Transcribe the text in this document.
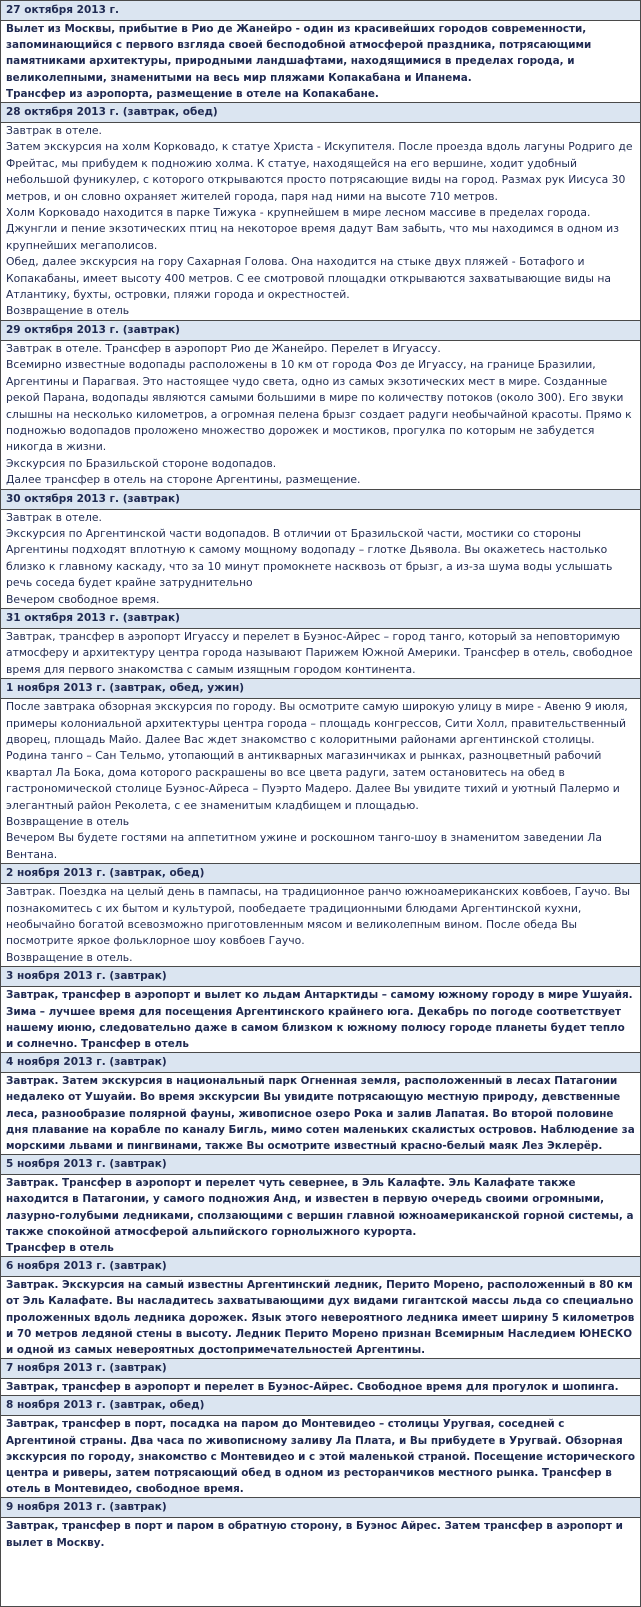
27 октября 2013 г.
Вылет из Москвы, прибытие в Рио де Жанейро - один из красивейших городов современности, запоминающийся с первого взгляда своей бесподобной атмосферой праздника, потрясающими памятниками архитектуры, природными ландшафтами, находящимися в пределах города, и великолепными, знаменитыми на весь мир пляжами Копакабана и Ипанема.
Трансфер из аэропорта, размещение в отеле на Копакабане.
28 октября 2013 г. (завтрак, обед)
Завтрак в отеле.
Затем экскурсия на холм Корковадо, к статуе Христа - Искупителя. После проезда вдоль лагуны Родриго де Фрейтас, мы прибудем к подножию холма. К статуе, находящейся на его вершине, ходит удобный небольшой фуникулер, с которого открываются просто потрясающие виды на город. Размах рук Иисуса 30 метров, и он словно охраняет жителей города, паря над ними на высоте 710 метров.
Холм Корковадо находится в парке Тижука - крупнейшем в мире лесном массиве в пределах города. Джунгли и пение экзотических птиц на некоторое время дадут Вам забыть, что мы находимся в одном из крупнейших мегаполисов.
Обед, далее экскурсия на гору Сахарная Голова. Она находится на стыке двух пляжей - Ботафого и Копакабаны, имеет высоту 400 метров. С ее смотровой площадки открываются захватывающие виды на Атлантику, бухты, островки, пляжи города и окрестностей.
Возвращение в отель
29 октября 2013 г. (завтрак)
Завтрак в отеле. Трансфер в аэропорт Рио де Жанейро. Перелет в Игуассу.
Всемирно известные водопады расположены в 10 км от города Фоз де Игуассу, на границе Бразилии, Аргентины и Парагвая. Это настоящее чудо света, одно из самых экзотических мест в мире. Созданные рекой Парана, водопады являются самыми большими в мире по количеству потоков (около 300). Его звуки слышны на несколько километров, а огромная пелена брызг создает радуги необычайной красоты. Прямо к подножью водопадов проложено множество дорожек и мостиков, прогулка по которым не забудется никогда в жизни.
Экскурсия по Бразильской стороне водопадов.
Далее трансфер в отель на стороне Аргентины, размещение.
30 октября 2013 г. (завтрак)
Завтрак в отеле.
Экскурсия по Аргентинской части водопадов. В отличии от Бразильской части, мостики со стороны Аргентины подходят вплотную к самому мощному водопаду – глотке Дьявола. Вы окажетесь настолько близко к главному каскаду, что за 10 минут промокнете насквозь от брызг, а из-за шума воды услышать речь соседа будет крайне затруднительно
Вечером свободное время.
31 октября 2013 г. (завтрак)
Завтрак, трансфер в аэропорт Игуассу и перелет в Буэнос-Айрес – город танго, который за неповторимую атмосферу и архитектуру центра города называют Парижем Южной Америки. Трансфер в отель, свободное время для первого знакомства с самым изящным городом континента.
1 ноября 2013 г. (завтрак, обед, ужин)
После завтрака обзорная экскурсия по городу. Вы осмотрите самую широкую улицу в мире - Авеню 9 июля, примеры колониальной архитектуры центра города – площадь конгрессов, Сити Холл, правительственный дворец, площадь Майо. Далее Вас ждет знакомство с колоритными районами аргентинской столицы. Родина танго – Сан Тельмо, утопающий в антикварных магазинчиках и рынках, разноцветный рабочий квартал Ла Бока, дома которого раскрашены во все цвета радуги, затем остановитесь на обед в гастрономической столице Буэнос-Айреса – Пуэрто Мадеро. Далее Вы увидите тихий и уютный Палермо и элегантный район Реколета, с ее знаменитым кладбищем и площадью.
Возвращение в отель
Вечером Вы будете гостями на аппетитном ужине и роскошном танго-шоу в знаменитом заведении Ла Вентана.
2 ноября 2013 г. (завтрак, обед)
Завтрак. Поездка на целый день в пампасы, на традиционное ранчо южноамериканских ковбоев, Гаучо. Вы познакомитесь с их бытом и культурой, пообедаете традиционными блюдами Аргентинской кухни, необычайно богатой всевозможно приготовленным мясом и великолепным вином. После обеда Вы посмотрите яркое фольклорное шоу ковбоев Гаучо.
Возвращение в отель.
3 ноября 2013 г. (завтрак)
Завтрак, трансфер в аэропорт и вылет ко льдам Антарктиды – самому южному городу в мире Ушуайя. Зима – лучшее время для посещения Аргентинского крайнего юга. Декабрь по погоде соответствует нашему июню, следовательно даже в самом близком к южному полюсу городе планеты будет тепло и солнечно. Трансфер в отель
4 ноября 2013 г. (завтрак)
Завтрак. Затем экскурсия в национальный парк Огненная земля, расположенный в лесах Патагонии недалеко от Ушуайи. Во время экскурсии Вы увидите потрясающую местную природу, девственные леса, разнообразие полярной фауны, живописное озеро Рока и залив Лапатая. Во второй половине дня плавание на корабле по каналу Бигль, мимо сотен маленьких скалистых островов. Наблюдение за морскими львами и пингвинами, также Вы осмотрите известный красно-белый маяк Лез Эклерёр.
5 ноября 2013 г. (завтрак)
Завтрак. Трансфер в аэропорт и перелет чуть севернее, в Эль Калафте. Эль Калафате также находится в Патагонии, у самого подножия Анд, и известен в первую очередь своими огромными, лазурно-голубыми ледниками, сползающими с вершин главной южноамериканской горной системы, а также спокойной атмосферой альпийского горнолыжного курорта.
Трансфер в отель
6 ноября 2013 г. (завтрак)
Завтрак. Экскурсия на самый известны Аргентинский ледник, Перито Морено, расположенный в 80 км от Эль Калафате. Вы насладитесь захватывающими дух видами гигантской массы льда со специально проложенных вдоль ледника дорожек. Язык этого невероятного ледника имеет ширину 5 километров и 70 метров ледяной стены в высоту. Ледник Перито Морено признан Всемирным Наследием ЮНЕСКО и одной из самых невероятных достопримечательностей Аргентины.
7 ноября 2013 г. (завтрак)
Завтрак, трансфер в аэропорт и перелет в Буэнос-Айрес. Свободное время для прогулок и шопинга.
8 ноября 2013 г. (завтрак, обед)
Завтрак, трансфер в порт, посадка на паром до Монтевидео – столицы Уругвая, соседней с Аргентиной страны. Два часа по живописному заливу Ла Плата, и Вы прибудете в Уругвай. Обзорная экскурсия по городу, знакомство с Монтевидео и с этой маленькой страной. Посещение исторического центра и риверы, затем потрясающий обед в одном из ресторанчиков местного рынка. Трансфер в отель в Монтевидео, свободное время.
9 ноября 2013 г. (завтрак)
Завтрак, трансфер в порт и паром в обратную сторону, в Буэнос Айрес. Затем трансфер в аэропорт и вылет в Москву.
